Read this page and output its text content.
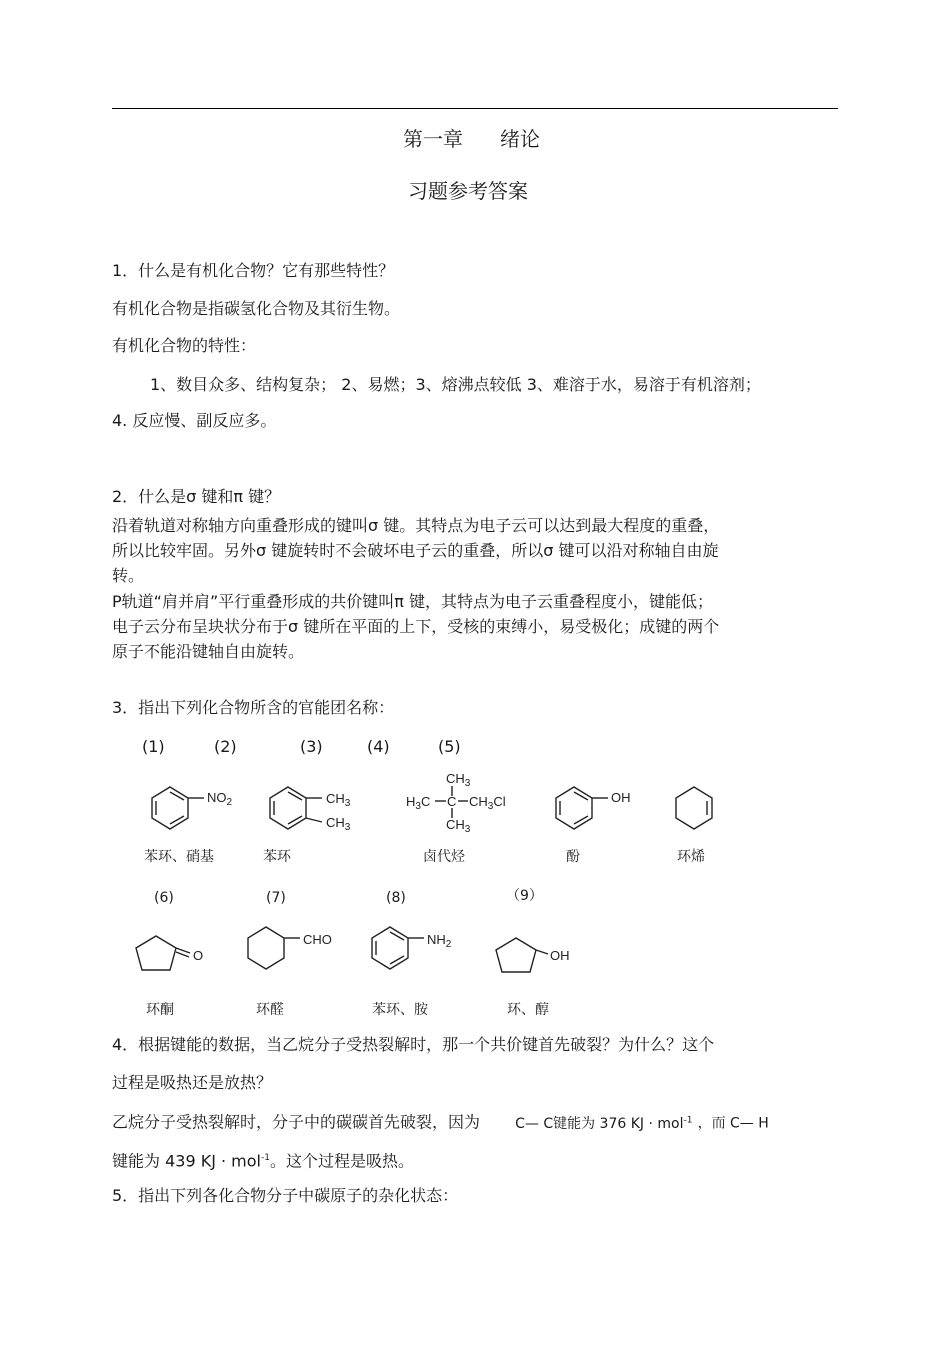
第一章 绪论
习题参考答案
1．什么是有机化合物？它有那些特性？
有机化合物是指碳氢化合物及其衍生物。
有机化合物的特性：
1、数目众多、结构复杂； 2、易燃；3、熔沸点较低 3、难溶于水，易溶于有机溶剂；
4. 反应慢、副反应多。
2．什么是σ 键和π 键？
沿着轨道对称轴方向重叠形成的键叫σ 键。其特点为电子云可以达到最大程度的重叠，
所以比较牢固。另外σ 键旋转时不会破坏电子云的重叠，所以σ 键可以沿对称轴自由旋
转。
P轨道“肩并肩”平行重叠形成的共价键叫π 键，其特点为电子云重叠程度小，键能低；
电子云分布呈块状分布于σ 键所在平面的上下，受核的束缚小，易受极化；成键的两个
原子不能沿键轴自由旋转。
3．指出下列化合物所含的官能团名称：
(1)	(2)	(3)	(4)	(5)
$NO_2$	$CH_3$
$CH_3$
$CH_3$
$H_3C$ C $CH_3Cl$
$CH_3$
OH
苯环、硝基	苯环	卤代烃	酚	环烯
(6)	(7)	(8)	（9）
O
CHO	$NH_2$
OH
环酮	环醛	苯环、胺	环、醇
4．根据键能的数据，当乙烷分子受热裂解时，那一个共价键首先破裂？为什么？这个
过程是吸热还是放热？
乙烷分子受热裂解时，分子中的碳碳首先破裂，因为	C— C键能为 376 KJ · mol$^{-1}$ ，而 C— H
键能为 439 KJ · mol$^{-1}$。这个过程是吸热。
5．指出下列各化合物分子中碳原子的杂化状态：
